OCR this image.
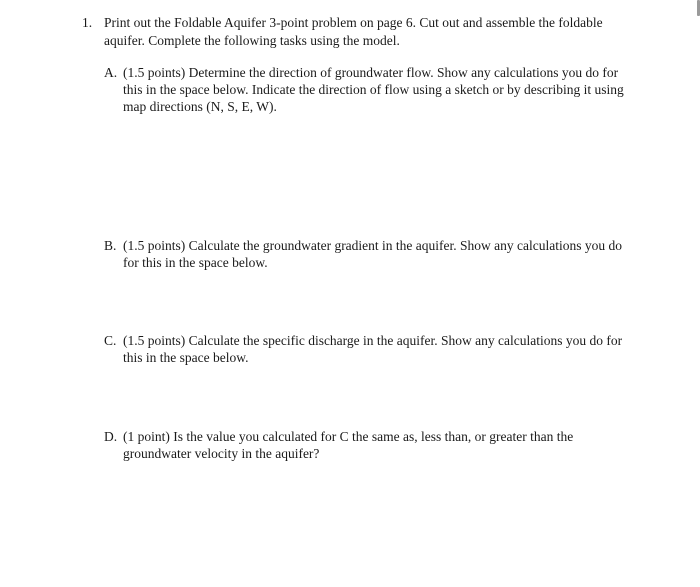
1. Print out the Foldable Aquifer 3-point problem on page 6. Cut out and assemble the foldable aquifer. Complete the following tasks using the model.
A. (1.5 points) Determine the direction of groundwater flow. Show any calculations you do for this in the space below. Indicate the direction of flow using a sketch or by describing it using map directions (N, S, E, W).
B. (1.5 points) Calculate the groundwater gradient in the aquifer. Show any calculations you do for this in the space below.
C. (1.5 points) Calculate the specific discharge in the aquifer. Show any calculations you do for this in the space below.
D. (1 point) Is the value you calculated for C the same as, less than, or greater than the groundwater velocity in the aquifer?
